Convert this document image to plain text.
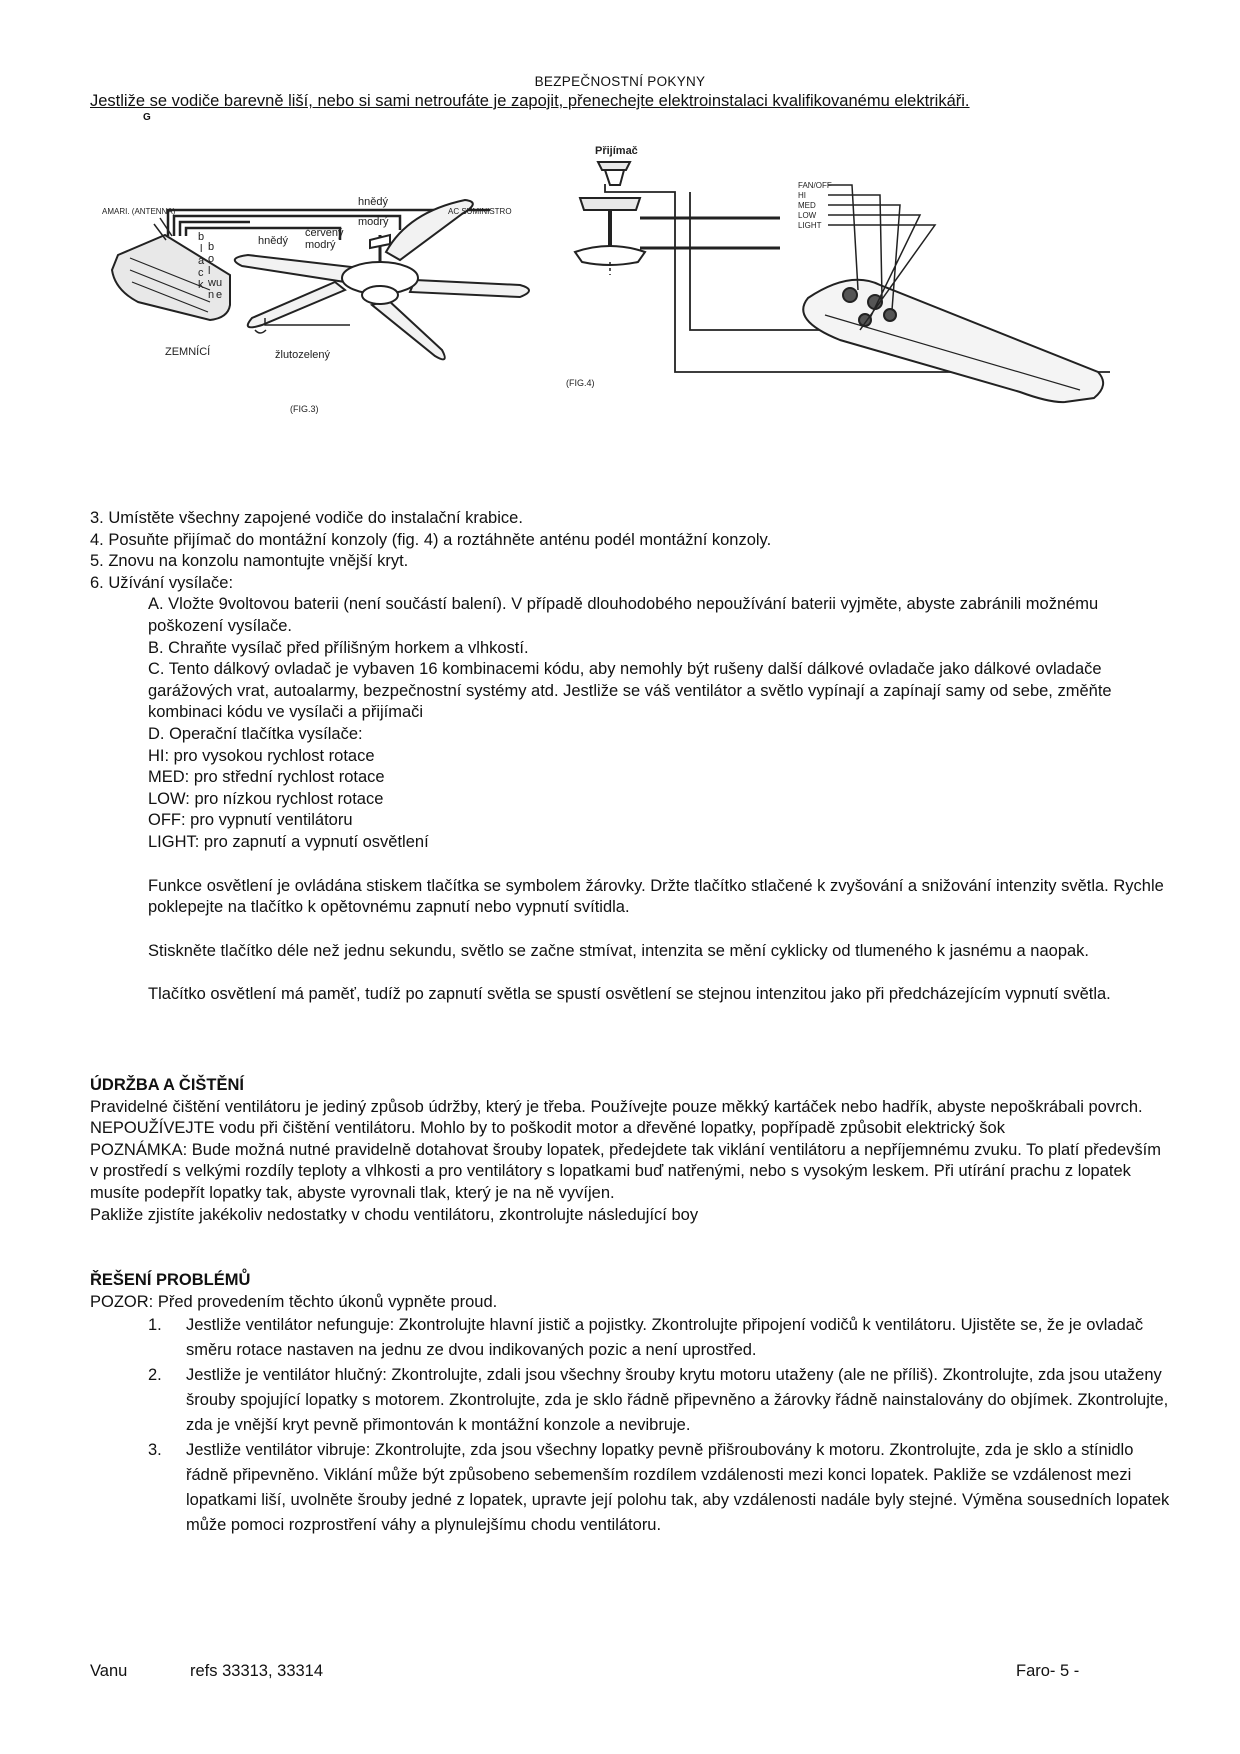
BEZPEČNOSTNÍ POKYNY
Jestliže se vodiče barevně liší, nebo si sami netroufáte je zapojit, přenechejte elektroinstalaci kvalifikovanému elektrikáři.
G
AMARI. (ANTENNA)
hnědý
AC SUMINISTRO
modrý
červený
hnědý modrý
b
l
a
c
k
b
o
l
w u
n e
ZEMNÍCÍ	žlutozelený
(FIG.3)
Přijímač
FAN/OFF
HI
MED
LOW
LIGHT
(FIG.4)

3. Umístěte všechny zapojené vodiče do instalační krabice.

4. Posuňte přijímač do montážní konzoly (fig. 4) a roztáhněte anténu podél montážní konzoly.

5. Znovu na konzolu namontujte vnější kryt.

6. Užívání vysílače:

A. Vložte 9voltovou baterii (není součástí balení). V případě dlouhodobého nepoužívání baterii vyjměte, abyste zabránili možnému poškození vysílače.

B. Chraňte vysílač před přílišným horkem a vlhkostí.

C. Tento dálkový ovladač je vybaven 16 kombinacemi kódu, aby nemohly být rušeny další dálkové ovladače jako dálkové ovladače garážových vrat, autoalarmy, bezpečnostní systémy atd. Jestliže se váš ventilátor a světlo vypínají a zapínají samy od sebe, změňte kombinaci kódu ve vysílači a přijímači

D. Operační tlačítka vysílače:

HI: pro vysokou rychlost rotace

MED: pro střední rychlost rotace

LOW: pro nízkou rychlost rotace

OFF: pro vypnutí ventilátoru

LIGHT: pro zapnutí a vypnutí osvětlení

Funkce osvětlení je ovládána stiskem tlačítka se symbolem žárovky. Držte tlačítko stlačené k zvyšování a snižování intenzity světla. Rychle poklepejte na tlačítko k opětovnému zapnutí nebo vypnutí svítidla.

Stiskněte tlačítko déle než jednu sekundu, světlo se začne stmívat, intenzita se mění cyklicky od tlumeného k jasnému a naopak.

Tlačítko osvětlení má paměť, tudíž po zapnutí světla se spustí osvětlení se stejnou intenzitou jako při předcházejícím vypnutí světla.

ÚDRŽBA A ČIŠTĚNÍ

Pravidelné čištění ventilátoru je jediný způsob údržby, který je třeba. Používejte pouze měkký kartáček nebo hadřík, abyste nepoškrábali povrch. NEPOUŽÍVEJTE vodu při čištění ventilátoru. Mohlo by to poškodit motor a dřevěné lopatky, popřípadě způsobit elektrický šok

POZNÁMKA: Bude možná nutné pravidelně dotahovat šrouby lopatek, předejdete tak viklání ventilátoru a nepříjemnému zvuku. To platí především v prostředí s velkými rozdíly teploty a vlhkosti a pro ventilátory s lopatkami buď natřenými, nebo s vysokým leskem. Při utírání prachu z lopatek musíte podepřít lopatky tak, abyste vyrovnali tlak, který je na ně vyvíjen.

Pakliže zjistíte jakékoliv nedostatky v chodu ventilátoru, zkontrolujte následující boy

ŘEŠENÍ PROBLÉMŮ

POZOR: Před provedením těchto úkonů vypněte proud.

1. Jestliže ventilátor nefunguje: Zkontrolujte hlavní jistič a pojistky. Zkontrolujte připojení vodičů k ventilátoru. Ujistěte se, že je ovladač směru rotace nastaven na jednu ze dvou indikovaných pozic a není uprostřed.
2. Jestliže je ventilátor hlučný: Zkontrolujte, zdali jsou všechny šrouby krytu motoru utaženy (ale ne příliš). Zkontrolujte, zda jsou utaženy šrouby spojující lopatky s motorem. Zkontrolujte, zda je sklo řádně připevněno a žárovky řádně nainstalovány do objímek. Zkontrolujte, zda je vnější kryt pevně přimontován k montážní konzole a nevibruje.
3. Jestliže ventilátor vibruje: Zkontrolujte, zda jsou všechny lopatky pevně přišroubovány k motoru. Zkontrolujte, zda je sklo a stínidlo řádně připevněno. Viklání může být způsobeno sebemenším rozdílem vzdálenosti mezi konci lopatek. Pakliže se vzdálenost mezi lopatkami liší, uvolněte šrouby jedné z lopatek, upravte její polohu tak, aby vzdálenosti nadále byly stejné. Výměna sousedních lopatek může pomoci rozprostření váhy a plynulejšímu chodu ventilátoru.
Vanu	refs 33313, 33314	Faro- 5 -
